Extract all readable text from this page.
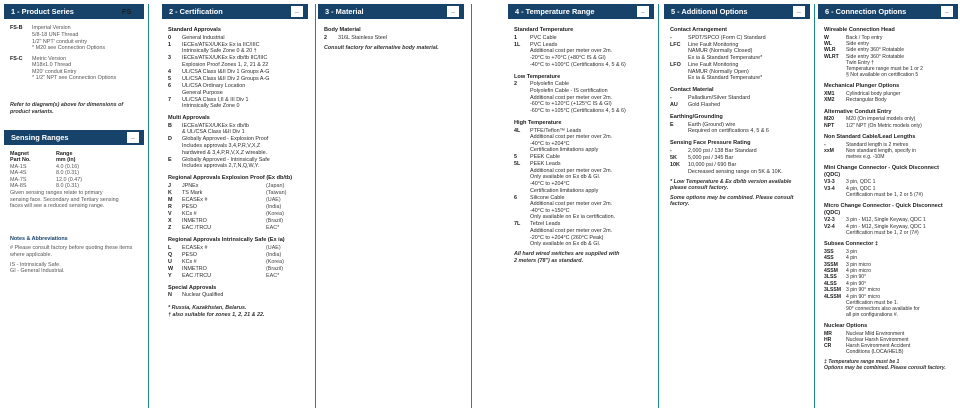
1 - Product Series	FS
FS-B	Imperial Version
5/8-18 UNF Thread
1/2" NPT' conduit entry
* M20 see Connection Options
FS-C	Metric Version
M18x1.0 Thread
M20' conduit Entry
* 1/2" NPT see Connection Options
Refer to diagram(s) above for dimensions of
product variants.
Sensing Ranges	_
Magnet
Part No.
Range
mm (in)
MA-1S	4.0 (0.16)
MA-4S	8.0 (0.31)
MA-7S	12.0 (0.47)
MA-8S	8.0 (0.31)
Given sensing ranges relate to primary
sensing face. Secondary and Tertiary sensing
faces will see a reduced sensing range.
Notes & Abbreviations
# Please consult factory before quoting these items
where applicable.
IS - Intrinsically Safe.
GI - General Industrial.
2 - Certification	_
Standard Approvals
0	General Industrial
1	IECEx/ATEX/UKEx Ex ia IIC/IIIC
Intrinsically Safe Zone 0 & 20 †
3	IECEx/ATEX/UKEx Ex db/tb IIC/IIIC
Explosion Proof Zones 1, 2, 21 & 22
4	UL/CSA Class I&II Div 1 Groups A-G
5	UL/CSA Class I&II Div 2 Groups A-G
6	UL/CSA Ordinary Location
General Purpose
7	UL/CSA Class I,II & III Div 1
Intrinsically Safe Zone 0
Multi Approvals
B	IECEx/ATEX/UKEx Ex db/tb
& UL/CSA Class I&II Div 1
D	Globally Approved - Explosion Proof
Includes approvals 3,4,P,R,V,X,Z
hardwired & 3,4,P,R,V,X,Z wireable.
E	Globally Approved - Intrinsically Safe
Includes approvals 2,7,N,Q,W,Y.
Regional Approvals Explosion Proof (Ex db/tb)
J	JPNEx	(Japan)
K	TS Mark	(Taiwan)
M	ECASEx #	(UAE)
R	PESO	(India)
V	KCs #	(Korea)
X	INMETRO	(Brazil)
Z	EAC /TRCU	EAC*
Regional Approvals Intrinsically Safe (Ex ia)
L	ECASEx #	(UAE)
Q	PESO	(India)
U	KCs #	(Korea)
W	INMETRO	(Brazil)
Y	EAC /TRCU	EAC*
Special Approvals
N	Nuclear Qualified
* Russia, Kazakhstan, Belarus.
† also suitable for zones 1, 2, 21 & 22.
3 - Material	_
Body Material
2	316L Stainless Steel
Consult factory for alternative body material.
4 - Temperature Range	_
Standard Temperature
1	PVC Cable
1L	PVC Leads
Additional cost per meter over 2m.
-20°C to +70°C (+80°C IS & GI)
-40°C to +100°C (Certifications 4, 5 & 6)
Low Temperature
2	Polyolefin Cable
Polyolefin Cable - IS certification
Additional cost per meter over 2m.
-60°C to +120°C (+125°C IS & GI)
-60°C to +105°C (Certifications 4, 5 & 6)
High Temperature
4L	PTFE/Teflon™ Leads
Additional cost per meter over 2m.
-40°C to +204°C
Certification limitations apply
5	PEEK Cable
5L	PEEK Leads
Additional cost per meter over 2m.
Only available on Ex db & GI.
-40°C to +204°C
Certification limitations apply
6	Silicone Cable
Additional cost per meter over 2m.
-40°C to +150°C
Only available on Ex ia certification.
7L	Tefzel Leads
Additional cost per meter over 2m.
-20°C to +204°C (260°C Peak)
Only available on Ex db & GI.
All hard wired switches are supplied with
2 meters (78") as standard.
5 - Additional Options	_
Contact Arrangement
-	SPDT/SPCO (Form C) Standard
LFC	Line Fault Monitoring
NAMUR (Normally Closed)
Ex ia & Standard Temperature*
LFO	Line Fault Monitoring
NAMUR (Normally Open)
Ex ia & Standard Temperature*
Contact Material
-	Palladium/Silver Standard
AU	Gold Flashed
Earthing/Grounding
E	Earth (Ground) wire
Required on certifications 4, 5 & 6
Sensing Face Pressure Rating
-	2,000 psi / 138 Bar Standard
5K	5,000 psi / 345 Bar
10K	10,000 psi / 690 Bar
Decreased sensing range on 5K & 10K.
* Low Temperature & Ex db/tb version available
please consult factory.
Some options may be combined. Please consult
factory.
6 - Connection Options	_
Wireable Connection Head
W	Back / Top entry
WL	Side entry
WLR	Side entry 360° Rotatable
WLRT	Side entry 360° Rotatable
Twin Entry †
Temperature range must be 1 or 2
§ Not available on certification 5
Mechanical Plunger Options
XM1	Cylindrical body plunger
XM2	Rectangular Body
Alternative Conduit Entry
M20	M20 (On imperial models only)
NPT	1/2" NPT (On Metric models only)
Non Standard Cable/Lead Lengths
-	Standard length is 2 metres
xxM	Non standard length, specify in
metres e.g. -10M
Mini Change Connector - Quick Disconnect (QDC)
V3-3	3 pin, QDC 1
V3-4	4 pin, QDC 1
Certification must be 1, 2 or 5 (7#)
Micro Change Connector - Quick Disconnect (QDC)
V2-3	3 pin - M12, Single Keyway, QDC 1
V2-4	4 pin - M12, Single Keyway, QDC 1
Certification must be 1, 2 or (7#)
Subsea Connector ‡
3SS	3 pin
4SS	4 pin
3SSM	3 pin micro
4SSM	4 pin micro
3LSS	3 pin 90°
4LSS	4 pin 90°
3LSSM 3 pin 90° micro
4LSSM 4 pin 90° micro
Certification must be 1.
90° connectors also available for
all pin configurations #.
Nuclear Options
MR	Nuclear Mild Environment
HR	Nuclear Harsh Environment
CR	Harsh Environment Accident
Conditions (LOCA/HELB)
‡ Temperature range must be 1
Options may be combined. Please consult factory.
